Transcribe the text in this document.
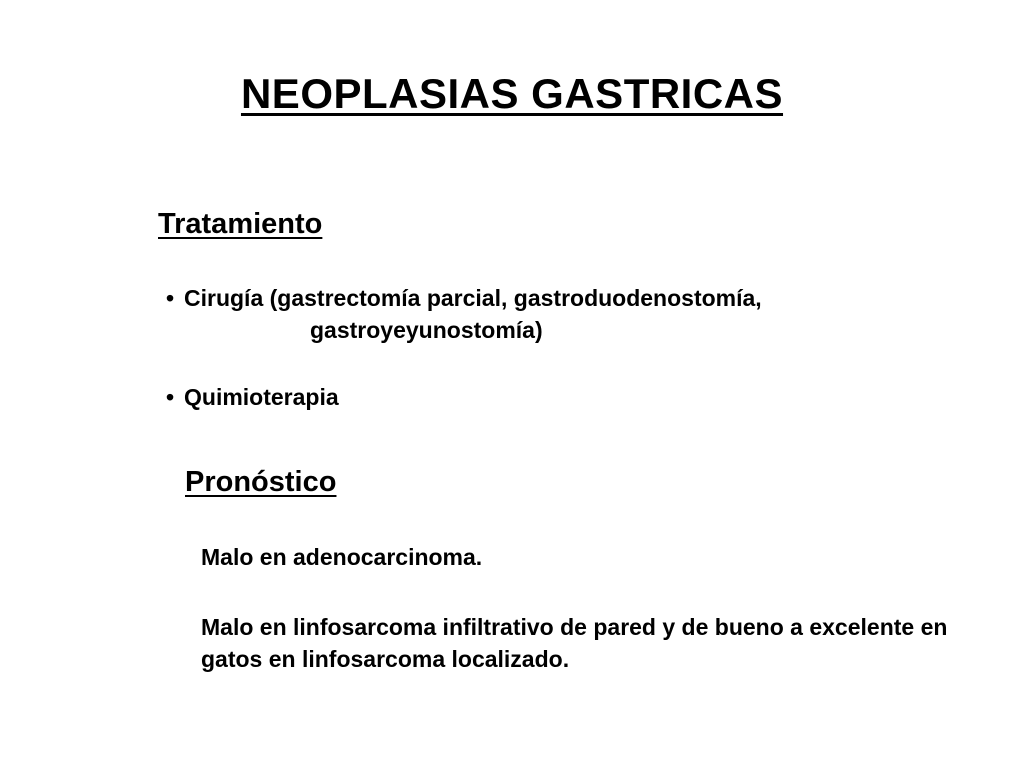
NEOPLASIAS GASTRICAS
Tratamiento
• Cirugía (gastrectomía parcial, gastroduodenostomía,
gastroyeyunostomía)
• Quimioterapia
Pronóstico
Malo en adenocarcinoma.
Malo en linfosarcoma infiltrativo de pared y de bueno a excelente en gatos en linfosarcoma localizado.
